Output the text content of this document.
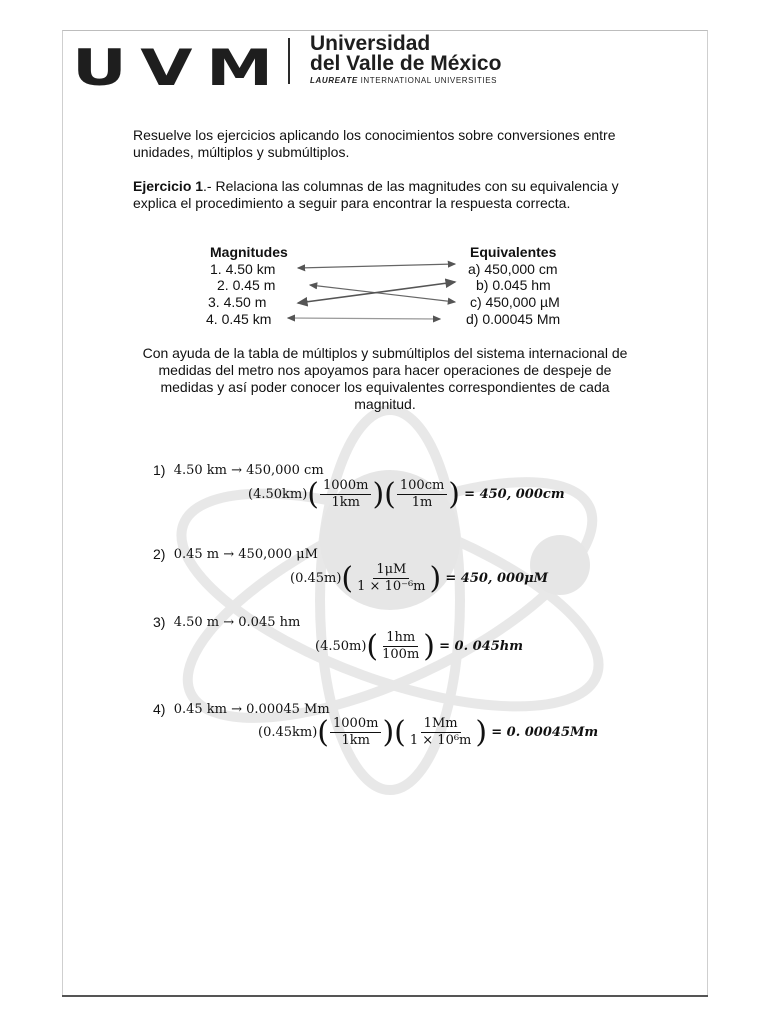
UVM Universidad
del Valle de México
LAUREATE INTERNATIONAL UNIVERSITIES
Resuelve los ejercicios aplicando los conocimientos sobre conversiones entre
unidades, múltiplos y submúltiplos.
Ejercicio 1.- Relaciona las columnas de las magnitudes con su equivalencia y
explica el procedimiento a seguir para encontrar la respuesta correcta.
Magnitudes	Equivalentes
1. 4.50 km
2. 0.45 m
3. 4.50 m
4. 0.45 km
a) 450,000 cm
b) 0.045 hm
c) 450,000 µM
d) 0.00045 Mm
Con ayuda de la tabla de múltiplos y submúltiplos del sistema internacional de
medidas del metro nos apoyamos para hacer operaciones de despeje de
medidas y así poder conocer los equivalentes correspondientes de cada
magnitud.
1)
4.50 km → 450,000 cm
(4.50km) ( $\frac{1000m}{1km}$ ) ( $\frac{100cm}{1m}$ )
= 450, 000cm
2)
0.45 m → 450,000 μM
(0.45m) ( $\frac{1\mu M}{\text{1 × 10⁻⁶m}}$ )
= 450, 000μM
3)
4.50 m → 0.045 hm
(4.50m) ( $\frac{1hm}{100m}$ )
= 0. 045hm
4)
0.45 km → 0.00045 Mm
(0.45km) ( $\frac{1000m}{1km}$ ) ( $\frac{1Mm}{\text{1 × 10⁶m}}$ )
= 0. 00045Mm
